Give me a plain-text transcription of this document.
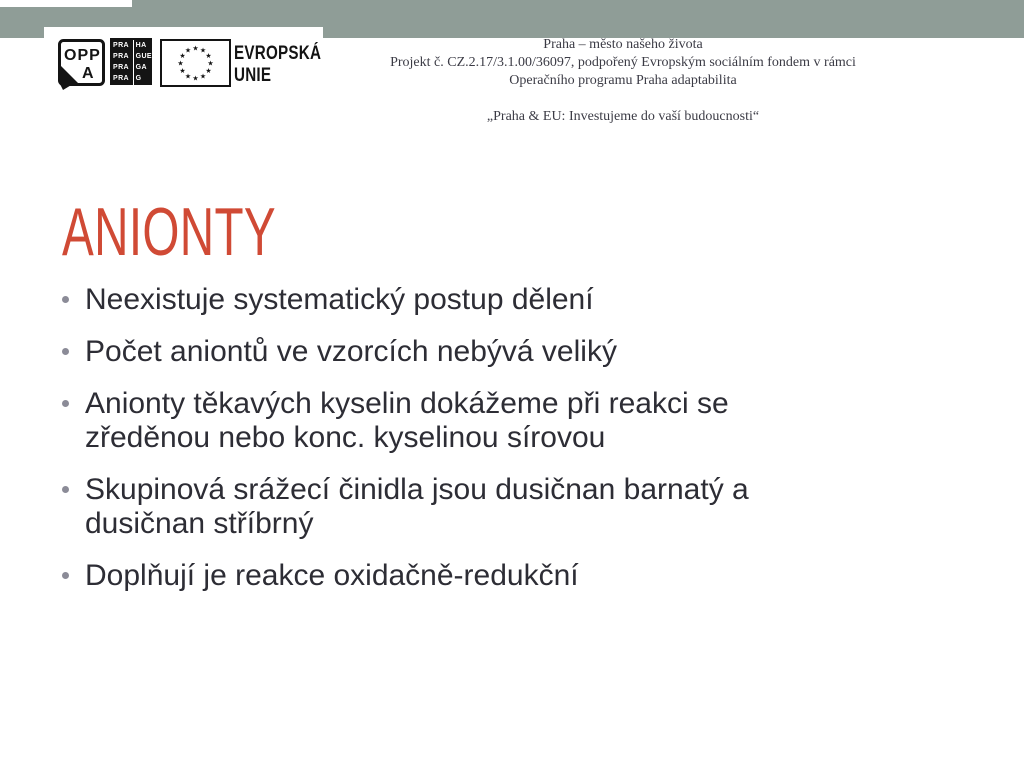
OPP
A
PRA
PRA
PRA
PRA
HA
GUE
GA
G
★ ★
★
★
★
★
★
★
★
★
★
★ EVROPSKÁ
UNIE
Praha – město našeho života
Projekt č. CZ.2.17/3.1.00/36097, podpořený Evropským sociálním fondem v rámci
Operačního programu Praha adaptabilita
„Praha & EU: Investujeme do vaší budoucnosti“
ANIONTY
Neexistuje systematický postup dělení
Počet aniontů ve vzorcích nebývá veliký
Anionty těkavých kyselin dokážeme při reakci se
zředěnou nebo konc. kyselinou sírovou
Skupinová srážecí činidla jsou dusičnan barnatý a
dusičnan stříbrný
Doplňují je reakce oxidačně-redukční
